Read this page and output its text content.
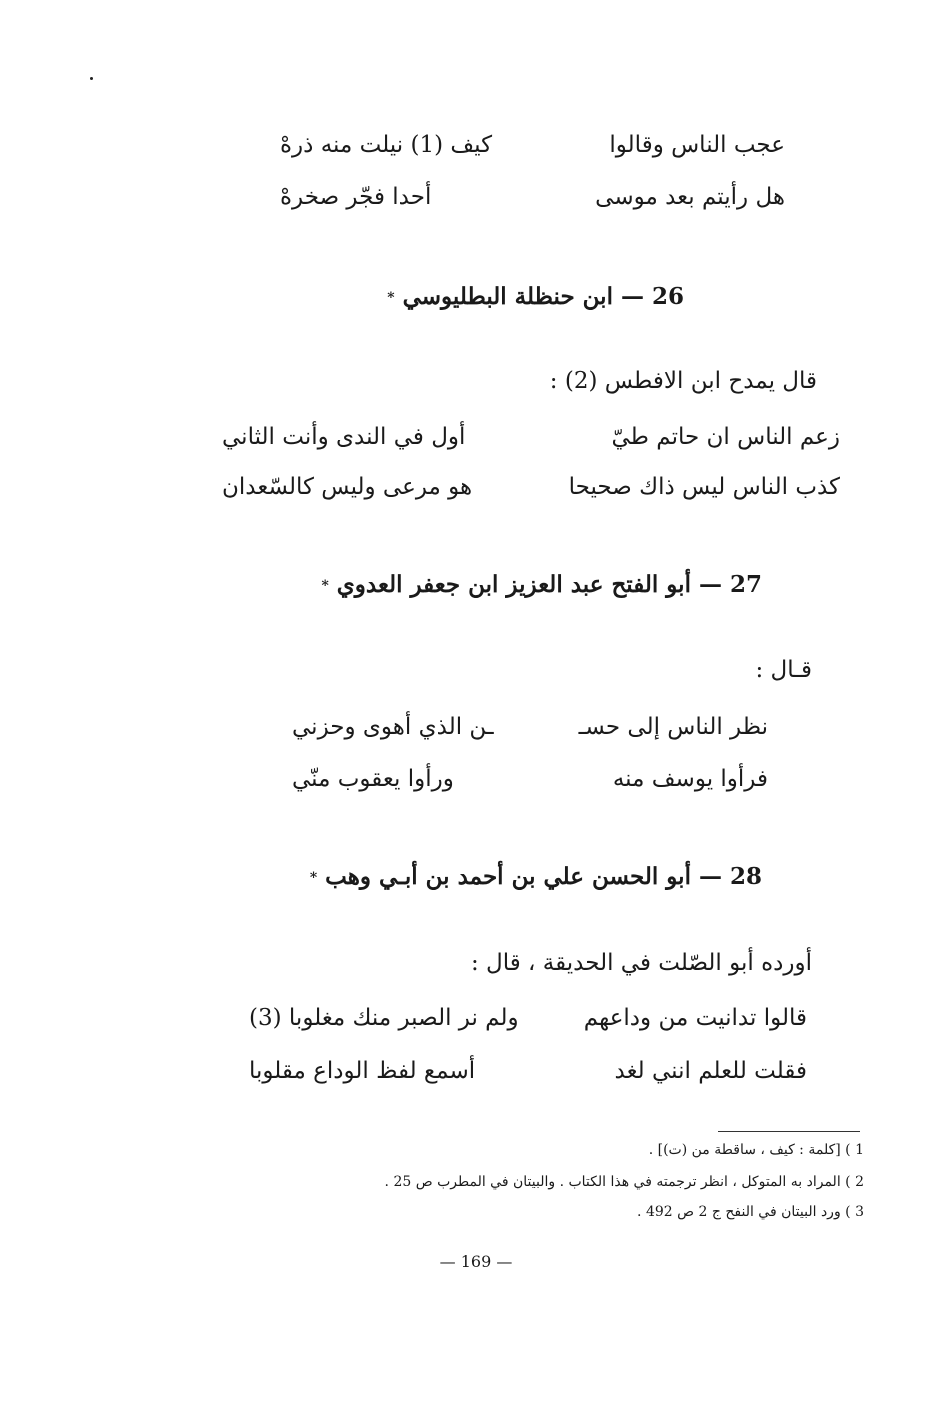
عجب الناس وقالوا
كيف (1) نيلت منه ذرهْ
هل رأيتم بعد موسى
أحدا فجّر صخرهْ
26 — ابن حنظلة البطليوسي*
قال يمدح ابن الافطس (2) :
زعم الناس ان حاتم طيّ
أول في الندى وأنت الثاني
كذب الناس ليس ذاك صحيحا
هو مرعى وليس كالسّعدان
27 — أبو الفتح عبد العزيز ابن جعفر العدوي*
قـال :
نظر الناس إلى حسـ
ـن الذي أهوى وحزني
فرأوا يوسف منه
ورأوا يعقوب منّي
28 — أبو الحسن علي بن أحمد بن أبـي وهب*
أورده أبو الصّلت في الحديقة ، قال :
قالوا تدانيت من وداعهم
ولم نر الصبر منك مغلوبا (3)
فقلت للعلم انني لغد
أسمع لفظ الوداع مقلوبا
1 ) [كلمة : كيف ، ساقطة من (ت)] .
2 ) المراد به المتوكل ، انظر ترجمته في هذا الكتاب . والبيتان في المطرب ص 25 .
3 ) ورد البيتان في النفح ج 2 ص 492 .
— 169 —
